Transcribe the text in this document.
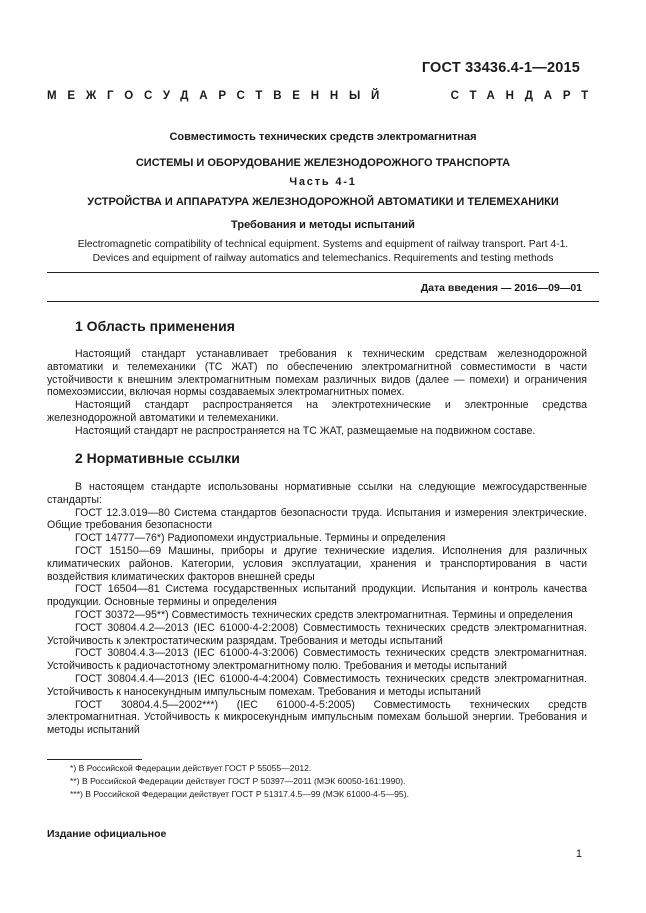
ГОСТ 33436.4-1—2015
МЕЖГОСУДАРСТВЕННЫЙ	СТАНДАРТ
Совместимость технических средств электромагнитная
СИСТЕМЫ И ОБОРУДОВАНИЕ ЖЕЛЕЗНОДОРОЖНОГО ТРАНСПОРТА
Часть 4-1
УСТРОЙСТВА И АППАРАТУРА ЖЕЛЕЗНОДОРОЖНОЙ АВТОМАТИКИ И ТЕЛЕМЕХАНИКИ
Требования и методы испытаний
Electromagnetic compatibility of technical equipment. Systems and equipment of railway transport. Part 4-1.
Devices and equipment of railway automatics and telemechanics. Requirements and testing methods
Дата введения — 2016—09—01
1 Область применения

Настоящий стандарт устанавливает требования к техническим средствам железнодорожной автоматики и телемеханики (ТС ЖАТ) по обеспечению электромагнитной совместимости в части устойчивости к внешним электромагнитным помехам различных видов (далее — помехи) и ограничения помехоэмиссии, включая нормы создаваемых электромагнитных помех.

Настоящий стандарт распространяется на электротехнические и электронные средства железнодорожной автоматики и телемеханики.

Настоящий стандарт не распространяется на ТС ЖАТ, размещаемые на подвижном составе.

2 Нормативные ссылки

В настоящем стандарте использованы нормативные ссылки на следующие межгосударственные стандарты:

ГОСТ 12.3.019—80 Система стандартов безопасности труда. Испытания и измерения электрические. Общие требования безопасности

ГОСТ 14777—76*) Радиопомехи индустриальные. Термины и определения

ГОСТ 15150—69 Машины, приборы и другие технические изделия. Исполнения для различных климатических районов. Категории, условия эксплуатации, хранения и транспортирования в части воздействия климатических факторов внешней среды

ГОСТ 16504—81 Система государственных испытаний продукции. Испытания и контроль качества продукции. Основные термины и определения

ГОСТ 30372—95**) Совместимость технических средств электромагнитная. Термины и определения

ГОСТ 30804.4.2—2013 (IEC 61000-4-2:2008) Совместимость технических средств электромагнитная. Устойчивость к электростатическим разрядам. Требования и методы испытаний

ГОСТ 30804.4.3—2013 (IEC 61000-4-3:2006) Совместимость технических средств электромагнитная. Устойчивость к радиочастотному электромагнитному полю. Требования и методы испытаний

ГОСТ 30804.4.4—2013 (IEC 61000-4-4:2004) Совместимость технических средств электромагнитная. Устойчивость к наносекундным импульсным помехам. Требования и методы испытаний

ГОСТ 30804.4.5—2002***) (IEC 61000-4-5:2005) Совместимость технических средств электромагнитная. Устойчивость к микросекундным импульсным помехам большой энергии. Требования и методы испытаний

*) В Российской Федерации действует ГОСТ Р 55055—2012.
**) В Российской Федерации действует ГОСТ Р 50397—2011 (МЭК 60050-161:1990).
***) В Российской Федерации действует ГОСТ Р 51317.4.5—99 (МЭК 61000-4-5—95).
Издание официальное
1
